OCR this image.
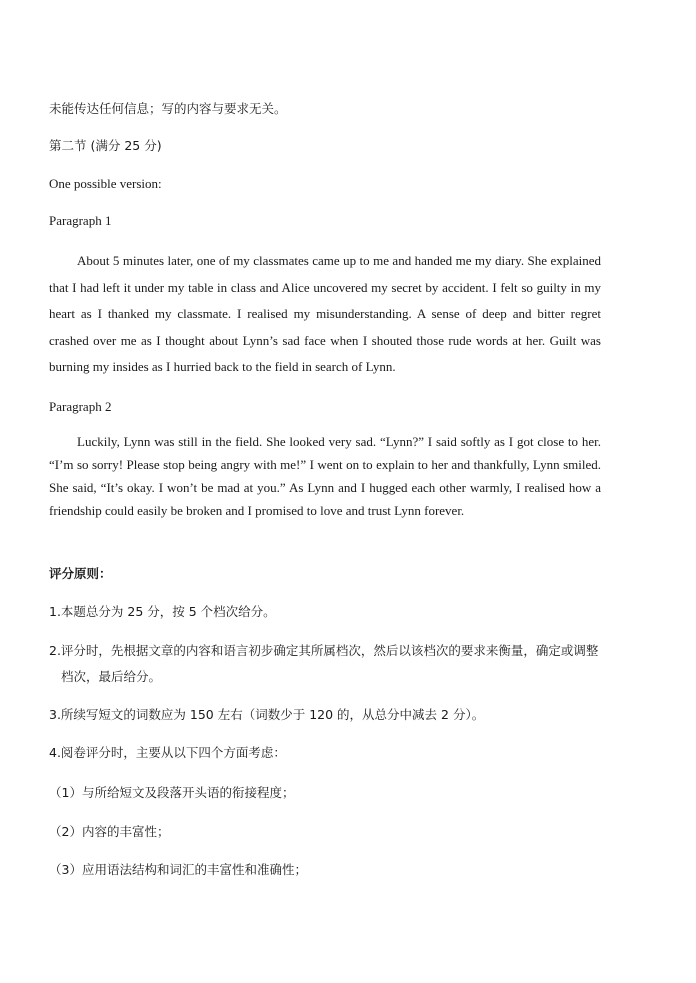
未能传达任何信息；写的内容与要求无关。
第二节 (满分 25 分)
One possible version:
Paragraph 1
About 5 minutes later, one of my classmates came up to me and handed me my diary. She explained that I had left it under my table in class and Alice uncovered my secret by accident. I felt so guilty in my heart as I thanked my classmate. I realised my misunderstanding. A sense of deep and bitter regret crashed over me as I thought about Lynn’s sad face when I shouted those rude words at her. Guilt was burning my insides as I hurried back to the field in search of Lynn.
Paragraph 2
Luckily, Lynn was still in the field. She looked very sad. “Lynn?” I said softly as I got close to her. “I’m so sorry! Please stop being angry with me!” I went on to explain to her and thankfully, Lynn smiled. She said, “It’s okay. I won’t be mad at you.” As Lynn and I hugged each other warmly, I realised how a friendship could easily be broken and I promised to love and trust Lynn forever.
评分原则：
1.本题总分为 25 分，按 5 个档次给分。
2.评分时，先根据文章的内容和语言初步确定其所属档次，然后以该档次的要求来衡量，确定或调整档次，最后给分。
3.所续写短文的词数应为 150 左右（词数少于 120 的，从总分中减去 2 分）。
4.阅卷评分时，主要从以下四个方面考虑：
（1）与所给短文及段落开头语的衔接程度；
（2）内容的丰富性；
（3）应用语法结构和词汇的丰富性和准确性；
